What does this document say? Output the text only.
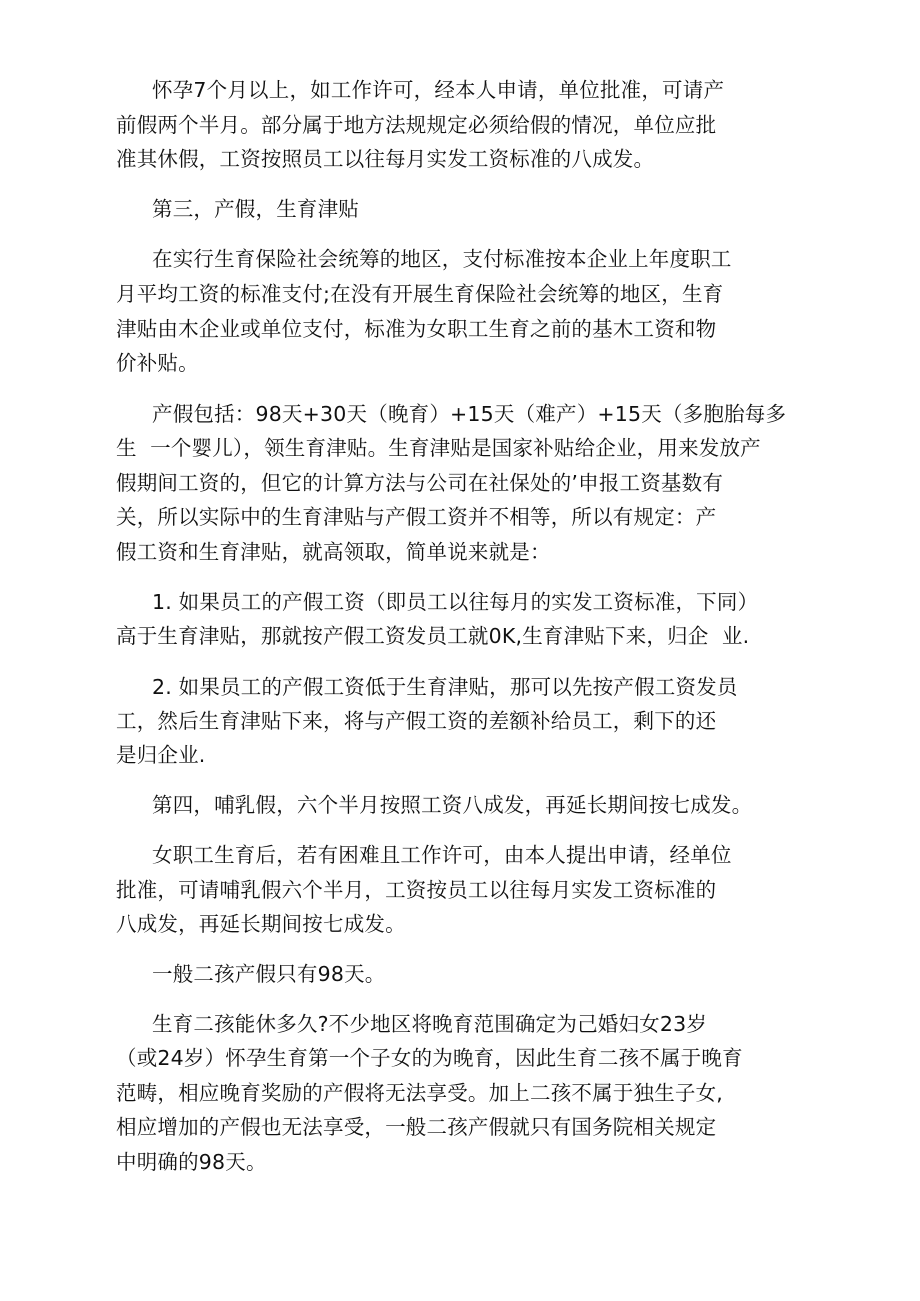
怀孕7个月以上，如工作许可，经本人申请，单位批准，可请产
前假两个半月。部分属于地方法规规定必须给假的情况，单位应批
准其休假，工资按照员工以往每月实发工资标准的八成发。
第三，产假，生育津贴
在实行生育保险社会统筹的地区，支付标准按本企业上年度职工
月平均工资的标准支付;在没有开展生育保险社会统筹的地区，生育
津贴由木企业或单位支付，标准为女职工生育之前的基木工资和物
价补贴。
产假包括：98天+30天（晚育）+15天（难产）+15天（多胞胎每多
生  一个婴儿），领生育津贴。生育津贴是国家补贴给企业，用来发放产
假期间工资的，但它的计算方法与公司在社保处的’申报工资基数有
关，所以实际中的生育津贴与产假工资并不相等，所以有规定：产
假工资和生育津贴，就高领取，简单说来就是：
1. 如果员工的产假工资（即员工以往每月的实发工资标准，下同）
高于生育津贴，那就按产假工资发员工就0K,生育津贴下来，归企  业.
2. 如果员工的产假工资低于生育津贴，那可以先按产假工资发员
工，然后生育津贴下来，将与产假工资的差额补给员工，剩下的还
是归企业.
第四，哺乳假，六个半月按照工资八成发，再延长期间按七成发。
女职工生育后，若有困难且工作许可，由本人提出申请，经单位
批准，可请哺乳假六个半月，工资按员工以往每月实发工资标准的
八成发，再延长期间按七成发。
一般二孩产假只有98天。
生育二孩能休多久?不少地区将晚育范围确定为己婚妇女23岁
（或24岁）怀孕生育第一个子女的为晚育，因此生育二孩不属于晚育
范畴，相应晚育奖励的产假将无法享受。加上二孩不属于独生子女,
相应增加的产假也无法享受，一般二孩产假就只有国务院相关规定
中明确的98天。
